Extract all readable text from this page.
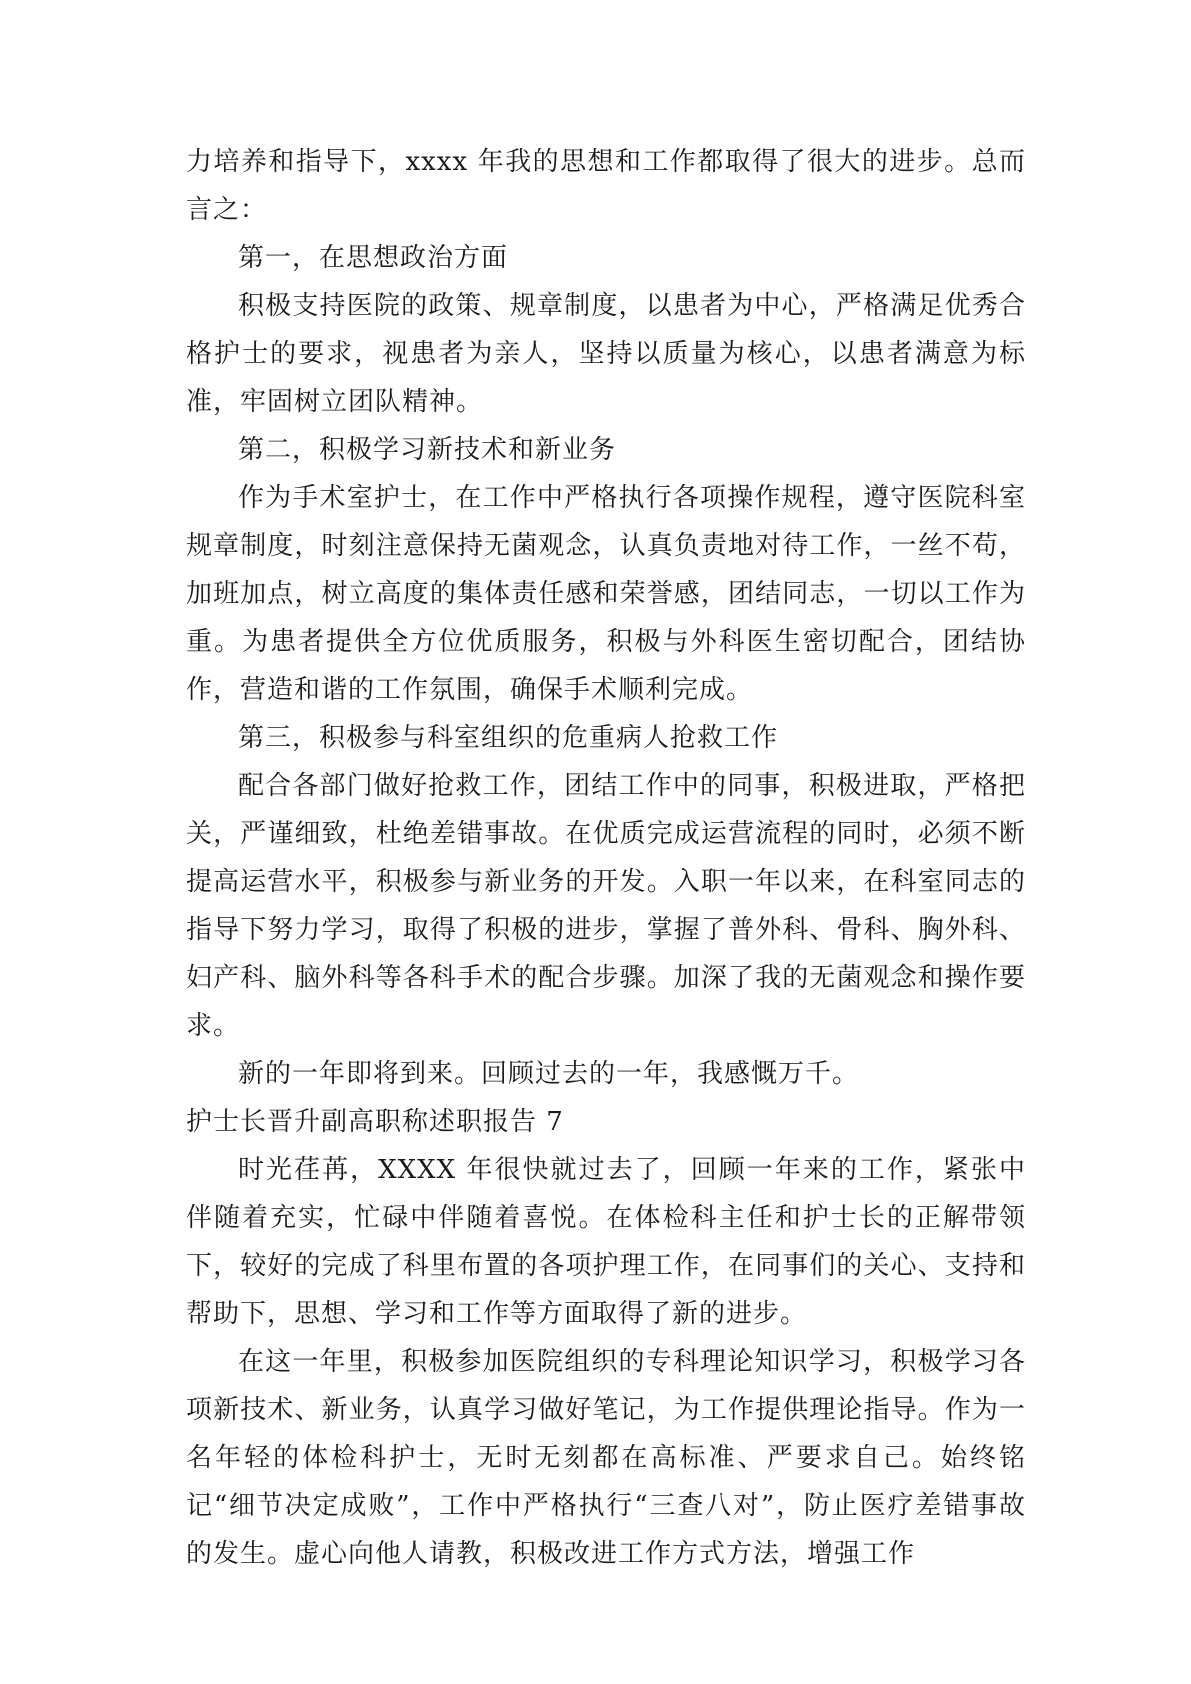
力培养和指导下，xxxx 年我的思想和工作都取得了很大的进步。总而言之：

第一，在思想政治方面

积极支持医院的政策、规章制度，以患者为中心，严格满足优秀合格护士的要求，视患者为亲人，坚持以质量为核心，以患者满意为标准，牢固树立团队精神。

第二，积极学习新技术和新业务

作为手术室护士，在工作中严格执行各项操作规程，遵守医院科室规章制度，时刻注意保持无菌观念，认真负责地对待工作，一丝不苟，加班加点，树立高度的集体责任感和荣誉感，团结同志，一切以工作为重。为患者提供全方位优质服务，积极与外科医生密切配合，团结协作，营造和谐的工作氛围，确保手术顺利完成。

第三，积极参与科室组织的危重病人抢救工作

配合各部门做好抢救工作，团结工作中的同事，积极进取，严格把关，严谨细致，杜绝差错事故。在优质完成运营流程的同时，必须不断提高运营水平，积极参与新业务的开发。入职一年以来，在科室同志的指导下努力学习，取得了积极的进步，掌握了普外科、骨科、胸外科、妇产科、脑外科等各科手术的配合步骤。加深了我的无菌观念和操作要求。

新的一年即将到来。回顾过去的一年，我感慨万千。

护士长晋升副高职称述职报告 7

时光荏苒，XXXX 年很快就过去了，回顾一年来的工作，紧张中伴随着充实，忙碌中伴随着喜悦。在体检科主任和护士长的正解带领下，较好的完成了科里布置的各项护理工作，在同事们的关心、支持和帮助下，思想、学习和工作等方面取得了新的进步。

在这一年里，积极参加医院组织的专科理论知识学习，积极学习各项新技术、新业务，认真学习做好笔记，为工作提供理论指导。作为一名年轻的体检科护士，无时无刻都在高标准、严要求自己。始终铭记“细节决定成败”，工作中严格执行“三查八对”，防止医疗差错事故的发生。虚心向他人请教，积极改进工作方式方法，增强工作
